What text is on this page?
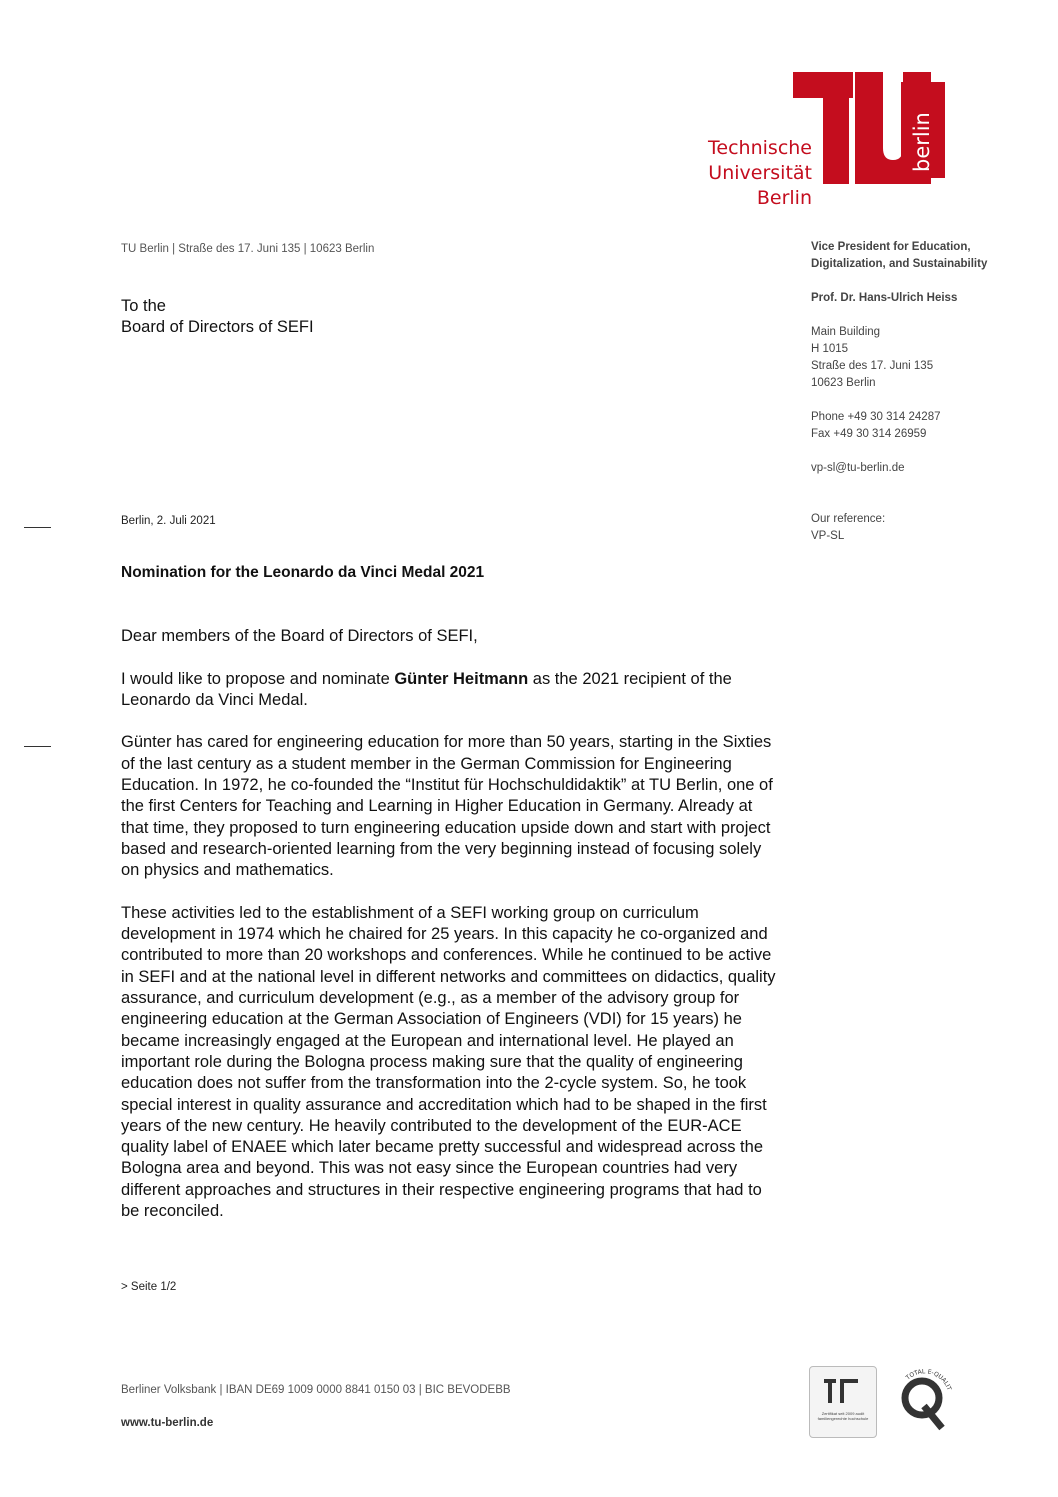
Technische
Universität
Berlin
berlin
TU Berlin | Straße des 17. Juni 135 | 10623 Berlin
To the
Board of Directors of SEFI
Vice President for Education,
Digitalization, and Sustainability
Prof. Dr. Hans-Ulrich Heiss
Main Building
H 1015
Straße des 17. Juni 135
10623 Berlin
Phone +49 30 314 24287
Fax +49 30 314 26959
vp-sl@tu-berlin.de
Our reference:
VP-SL
Berlin, 2. Juli 2021
Nomination for the Leonardo da Vinci Medal 2021

Dear members of the Board of Directors of SEFI,

I would like to propose and nominate Günter Heitmann as the 2021 recipient of the Leonardo da Vinci Medal.

Günter has cared for engineering education for more than 50 years, starting in the Sixties of the last century as a student member in the German Commission for Engineering Education. In 1972, he co-founded the “Institut für Hochschuldidaktik” at TU Berlin, one of the first Centers for Teaching and Learning in Higher Education in Germany. Already at that time, they proposed to turn engineering education upside down and start with project based and research-oriented learning from the very beginning instead of focusing solely on physics and mathematics.

These activities led to the establishment of a SEFI working group on curriculum development in 1974 which he chaired for 25 years. In this capacity he co-organized and contributed to more than 20 workshops and conferences. While he continued to be active in SEFI and at the national level in different networks and committees on didactics, quality assurance, and curriculum development (e.g., as a member of the advisory group for engineering education at the German Association of Engineers (VDI) for 15 years) he became increasingly engaged at the European and international level. He played an important role during the Bologna process making sure that the quality of engineering education does not suffer from the transformation into the 2-cycle system. So, he took special interest in quality assurance and accreditation which had to be shaped in the first years of the new century. He heavily contributed to the development of the EUR-ACE quality label of ENAEE which later became pretty successful and widespread across the Bologna area and beyond. This was not easy since the European countries had very different approaches and structures in their respective engineering programs that had to be reconciled.

> Seite 1/2
Berliner Volksbank | IBAN DE69 1009 0000 8841 0150 03 | BIC BEVODEBB
www.tu-berlin.de
Zertifikat seit 2009 audit familiengerechte hochschule
TOTAL E-QUALIT
